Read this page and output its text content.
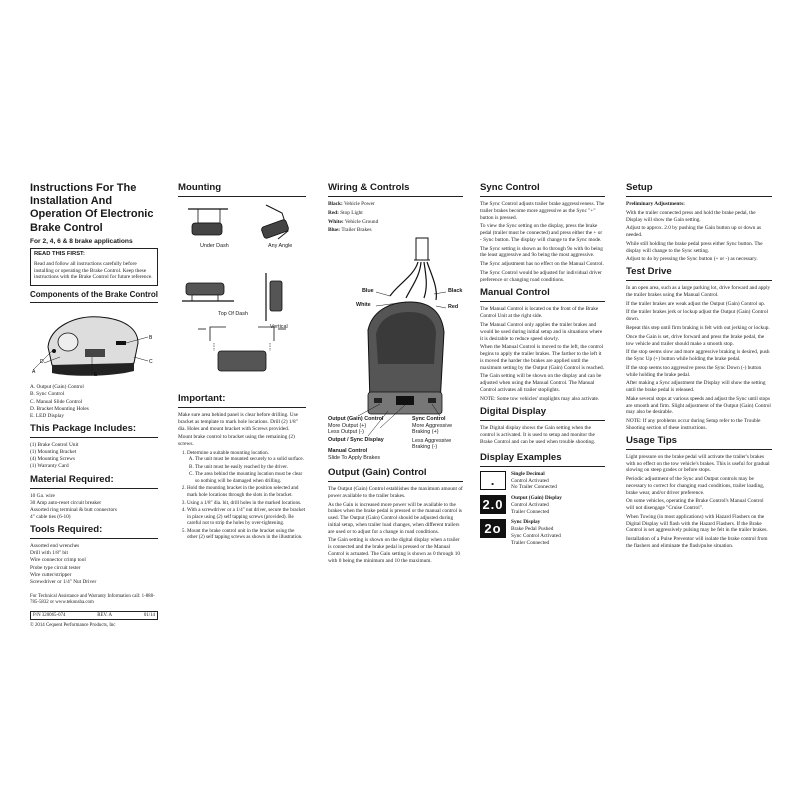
Instructions For The Installation And Operation Of Electronic Brake Control
For 2, 4, 6 & 8 brake applications
READ THIS FIRST:
Read and follow all instructions carefully before installing or operating the Brake Control. Keep these instructions with the Brake Control for future reference.
Components of the Brake Control
A
B
C
D
E
A. Output (Gain) Control
B. Sync Control
C. Manual Slide Control
D. Bracket Mounting Holes
E. LED Display
This Package Includes:
(1) Brake Control Unit
(1) Mounting Bracket
(4) Mounting Screws
(1) Warranty Card
Material Required:
10 Ga. wire
30 Amp auto-reset circuit breaker
Assorted ring terminal & butt connectors
4" cable ties (6-10)
Tools Required:
Assorted end wrenches
Drill with 1/8" bit
Wire connector crimp tool
Probe type circuit tester
Wire cutter/stripper
Screwdriver or 1/4" Nut Driver
For Technical Assistance and Warranty Information call: 1-888-785-5832 or www.tekonsha.com
P/N 320065-074	REV. A	01/14
© 2014 Cequent Performance Products, Inc
Mounting
Under Dash	Any Angle
Top Of Dash
Vertical
Important:
Make sure area behind panel is clear before drilling. Use bracket as template to mark hole locations. Drill (2) 1/8" dia. Holes and mount bracket with Screws provided.
Mount brake control to bracket using the remaining (2) screws.
1. Determine a suitable mounting location.
A. The unit must be mounted securely to a solid surface.
B. The unit must be easily reached by the driver.
C. The area behind the mounting location must be clear so nothing will be damaged when drilling.
2. Hold the mounting bracket in the position selected and mark hole locations through the slots in the bracket.
3. Using a 1/8" dia. bit, drill holes in the marked locations.
4. With a screwdriver or a 1/4" nut driver, secure the bracket in place using (2) self tapping screws (provided). Be careful not to strip the holes by over-tightening.
5. Mount the brake control unit in the bracket using the other (2) self tapping screws as shown in the illustration.
Wiring & Controls
Black: Vehicle Power
Red: Stop Light
White: Vehicle Ground
Blue: Trailer Brakes
Blue
White
Black
Red
Output (Gain) Control
More Output (+)
Less Output (-)
Output / Sync Display
Sync Control
More Aggressive Braking (+)
Less Aggressive Braking (-)
Manual Control
Slide To Apply Brakes
Output (Gain) Control
The Output (Gain) Control establishes the maximum amount of power available to the trailer brakes.
As the Gain is increased more power will be available to the brakes when the brake pedal is pressed or the manual control is used. The Output (Gain) Control should be adjusted during initial setup, when trailer load changes, when different trailers are used or to adjust for a change in road conditions.
The Gain setting is shown on the digital display when a trailer is connected and the brake pedal is pressed or the Manual Control is actuated. The Gain setting is shown as 0 through 10 with 0 being the minimum and 10 the maximum.
Sync Control
The Sync Control adjusts trailer brake aggressiveness. The trailer brakes become more aggressive as the Sync "+" button is pressed.
To view the Sync setting on the display, press the brake pedal (trailer must be connected) and press either the + or - Sync button. The display will change to the Sync mode.
The Sync setting is shown as 0o through 9o with 0o being the least aggressive and 9o being the most aggressive.
The Sync adjustment has no effect on the Manual Control.
The Sync Control would be adjusted for individual driver preference or changing road conditions.
Manual Control
The Manual Control is located on the front of the Brake Control Unit at the right side.
The Manual Control only applies the trailer brakes and would be used during initial setup and in situations where it is desirable to reduce speed slowly.
When the Manual Control is moved to the left, the control begins to apply the trailer brakes. The farther to the left it is moved the harder the brakes are applied until the maximum setting by the Output (Gain) Control is reached.
The Gain setting will be shown on the display and can be adjusted when using the Manual Control. The Manual Control activates all trailer stoplights.
NOTE: Some tow vehicles' stoplights may also activate.
Digital Display
The Digital display shows the Gain setting when the control is activated. It is used to setup and monitor the Brake Control and can be used when trouble shooting.
Display Examples
.	Single Decimal
Control Activated
No Trailer Connected
2.0	Output (Gain) Display
Control Activated
Trailer Connected
2o	Sync Display
Brake Pedal Pushed
Sync Control Activated
Trailer Connected
Setup
Preliminary Adjustments:
With the trailer connected press and hold the brake pedal, the Display will show the Gain setting.
Adjust to approx. 2.0 by pushing the Gain button up or down as needed.
While still holding the brake pedal press either Sync button. The display will change to the Sync setting.
Adjust to 4o by pressing the Sync button (+ or -) as necessary.
Test Drive
In an open area, such as a large parking lot, drive forward and apply the trailer brakes using the Manual Control.
If the trailer brakes are weak adjust the Output (Gain) Control up.
If the trailer brakes jerk or lockup adjust the Output (Gain) Control down.
Repeat this step until firm braking is felt with out jerking or lockup.
Once the Gain is set, drive forward and press the brake pedal, the tow vehicle and trailer should make a smooth stop.
If the stop seems slow and more aggressive braking is desired, push the Sync Up (+) button while holding the brake pedal.
If the stop seems too aggressive press the Sync Down (-) button while holding the brake pedal.
After making a Sync adjustment the Display will show the setting until the brake pedal is released.
Make several stops at various speeds and adjust the Sync until stops are smooth and firm. Slight adjustment of the Output (Gain) Control may also be desirable.
NOTE: If any problems occur during Setup refer to the Trouble Shooting section of these instructions.
Usage Tips
Light pressure on the brake pedal will activate the trailer's brakes with no effect on the tow vehicle's brakes. This is useful for gradual slowing on steep grades or before stops.
Periodic adjustment of the Sync and Output controls may be necessary to correct for changing road conditions, trailer loading, brake wear, and/or driver preference.
On some vehicles, operating the Brake Control's Manual Control will not disengage "Cruise Control".
When Towing (in most applications) with Hazard Flashers on the Digital Display will flash with the Hazard Flashers. If the Brake Control is set aggressively pulsing may be felt in the trailer brakes.
Installation of a Pulse Preventor will isolate the brake control from the flashers and eliminate the flash/pulse situation.
